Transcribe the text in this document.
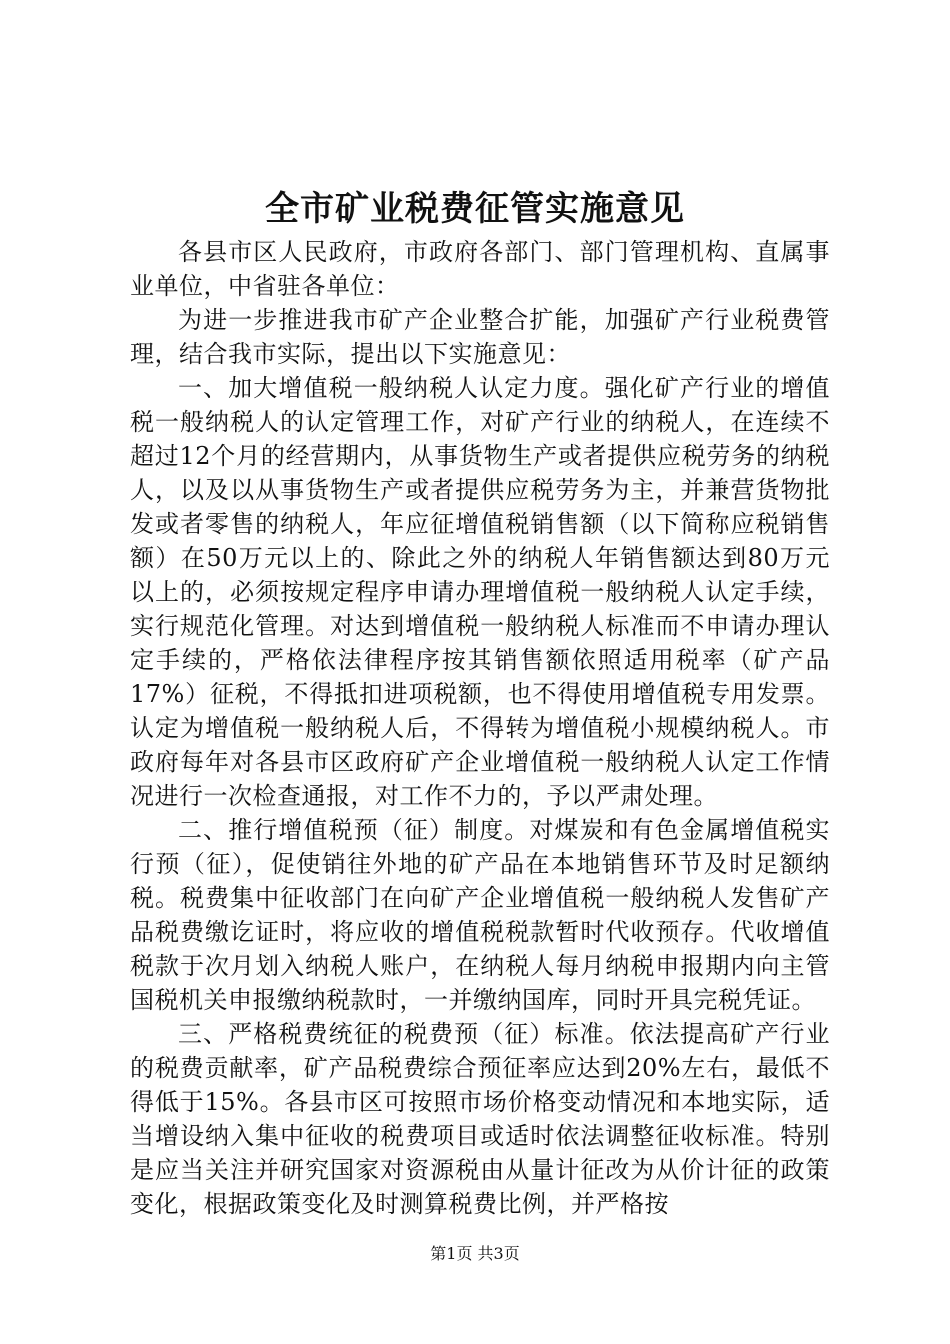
全市矿业税费征管实施意见

各县市区人民政府，市政府各部门、部门管理机构、直属事业单位，中省驻各单位：

为进一步推进我市矿产企业整合扩能，加强矿产行业税费管理，结合我市实际，提出以下实施意见：

一、加大增值税一般纳税人认定力度。强化矿产行业的增值税一般纳税人的认定管理工作，对矿产行业的纳税人，在连续不超过12个月的经营期内，从事货物生产或者提供应税劳务的纳税人，以及以从事货物生产或者提供应税劳务为主，并兼营货物批发或者零售的纳税人，年应征增值税销售额（以下简称应税销售额）在50万元以上的、除此之外的纳税人年销售额达到80万元以上的，必须按规定程序申请办理增值税一般纳税人认定手续，实行规范化管理。对达到增值税一般纳税人标准而不申请办理认定手续的，严格依法律程序按其销售额依照适用税率（矿产品17%）征税，不得抵扣进项税额，也不得使用增值税专用发票。认定为增值税一般纳税人后，不得转为增值税小规模纳税人。市政府每年对各县市区政府矿产企业增值税一般纳税人认定工作情况进行一次检查通报，对工作不力的，予以严肃处理。

二、推行增值税预（征）制度。对煤炭和有色金属增值税实行预（征），促使销往外地的矿产品在本地销售环节及时足额纳税。税费集中征收部门在向矿产企业增值税一般纳税人发售矿产品税费缴讫证时，将应收的增值税税款暂时代收预存。代收增值税款于次月划入纳税人账户，在纳税人每月纳税申报期内向主管国税机关申报缴纳税款时，一并缴纳国库，同时开具完税凭证。

三、严格税费统征的税费预（征）标准。依法提高矿产行业的税费贡献率，矿产品税费综合预征率应达到20%左右，最低不得低于15%。各县市区可按照市场价格变动情况和本地实际，适当增设纳入集中征收的税费项目或适时依法调整征收标准。特别是应当关注并研究国家对资源税由从量计征改为从价计征的政策变化，根据政策变化及时测算税费比例，并严格按

第1页 共3页
